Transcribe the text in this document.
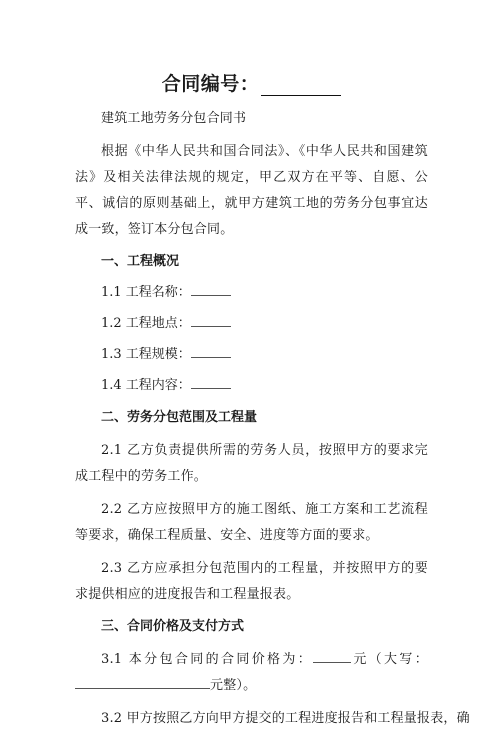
合同编号：

建筑工地劳务分包合同书

根据《中华人民共和国合同法》、《中华人民共和国建筑法》及相关法律法规的规定，甲乙双方在平等、自愿、公平、诚信的原则基础上，就甲方建筑工地的劳务分包事宜达成一致，签订本分包合同。

一、工程概况
1.1 工程名称：
1.2 工程地点：
1.3 工程规模：
1.4 工程内容：
二、劳务分包范围及工程量

2.1 乙方负责提供所需的劳务人员，按照甲方的要求完成工程中的劳务工作。

2.2 乙方应按照甲方的施工图纸、施工方案和工艺流程等要求，确保工程质量、安全、进度等方面的要求。

2.3 乙方应承担分包范围内的工程量，并按照甲方的要求提供相应的进度报告和工程量报表。

三、合同价格及支付方式

3.1 本分包合同的合同价格为：	元（大写：

元整）。

3.2 甲方按照乙方向甲方提交的工程进度报告和工程量报表，确
